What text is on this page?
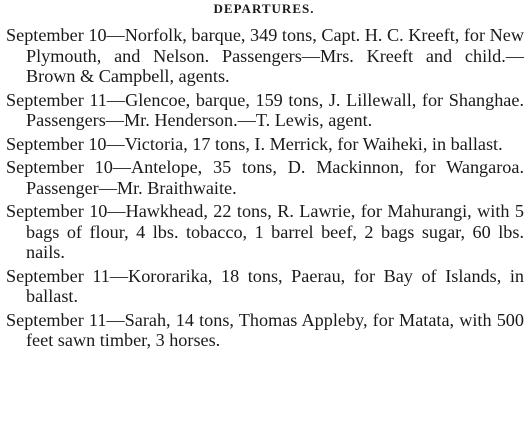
DEPARTURES.

September 10—Norfolk, barque, 349 tons, Capt. H. C. Kreeft, for New Plymouth, and Nelson. Passengers—Mrs. Kreeft and child.—Brown & Campbell, agents.

September 11—Glencoe, barque, 159 tons, J. Lillewall, for Shanghae. Passengers—Mr. Henderson.—T. Lewis, agent.

September 10—Victoria, 17 tons, I. Merrick, for Waiheki, in ballast.

September 10—Antelope, 35 tons, D. Mackinnon, for Wangaroa. Passenger—Mr. Braithwaite.

September 10—Hawkhead, 22 tons, R. Lawrie, for Mahurangi, with 5 bags of flour, 4 lbs. tobacco, 1 barrel beef, 2 bags sugar, 60 lbs. nails.

September 11—Kororarika, 18 tons, Paerau, for Bay of Islands, in ballast.

September 11—Sarah, 14 tons, Thomas Appleby, for Matata, with 500 feet sawn timber, 3 horses.
